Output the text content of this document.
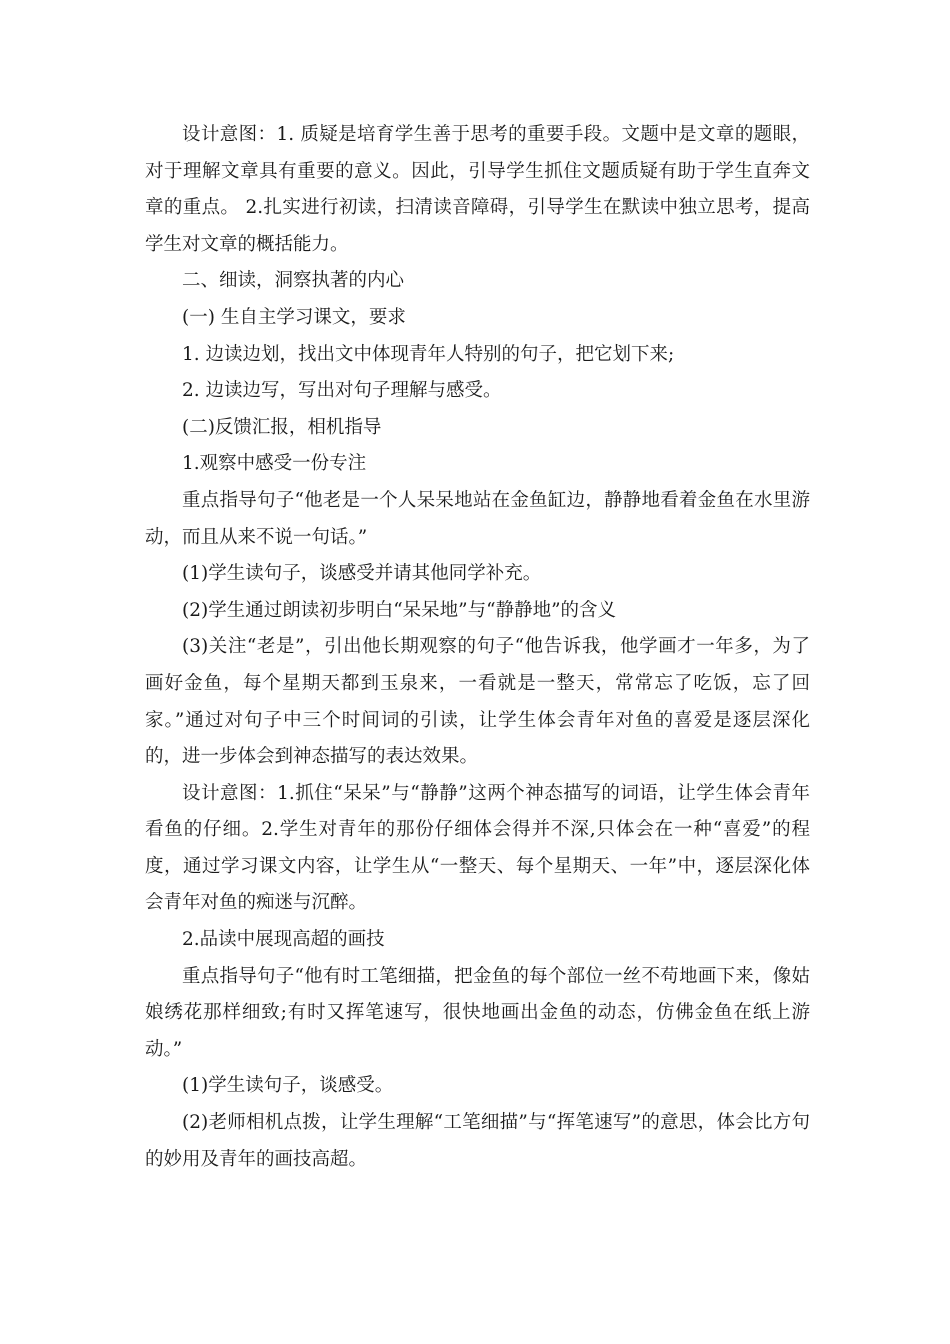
设计意图：1. 质疑是培育学生善于思考的重要手段。文题中是文章的题眼，对于理解文章具有重要的意义。因此，引导学生抓住文题质疑有助于学生直奔文章的重点。 2.扎实进行初读，扫清读音障碍，引导学生在默读中独立思考，提高学生对文章的概括能力。

二、细读，洞察执著的内心

(一) 生自主学习课文，要求

1. 边读边划，找出文中体现青年人特别的句子，把它划下来;

2. 边读边写，写出对句子理解与感受。

(二)反馈汇报，相机指导

1.观察中感受一份专注

重点指导句子“他老是一个人呆呆地站在金鱼缸边，静静地看着金鱼在水里游动，而且从来不说一句话。”

(1)学生读句子，谈感受并请其他同学补充。

(2)学生通过朗读初步明白“呆呆地”与“静静地”的含义

(3)关注“老是”，引出他长期观察的句子“他告诉我，他学画才一年多，为了画好金鱼，每个星期天都到玉泉来，一看就是一整天，常常忘了吃饭，忘了回家。”通过对句子中三个时间词的引读，让学生体会青年对鱼的喜爱是逐层深化的，进一步体会到神态描写的表达效果。

设计意图：1.抓住“呆呆”与“静静”这两个神态描写的词语，让学生体会青年看鱼的仔细。2.学生对青年的那份仔细体会得并不深,只体会在一种“喜爱”的程度，通过学习课文内容，让学生从“一整天、每个星期天、一年”中，逐层深化体会青年对鱼的痴迷与沉醉。

2.品读中展现高超的画技

重点指导句子“他有时工笔细描，把金鱼的每个部位一丝不苟地画下来，像姑娘绣花那样细致;有时又挥笔速写，很快地画出金鱼的动态，仿佛金鱼在纸上游动。”

(1)学生读句子，谈感受。

(2)老师相机点拨，让学生理解“工笔细描”与“挥笔速写”的意思，体会比方句的妙用及青年的画技高超。
